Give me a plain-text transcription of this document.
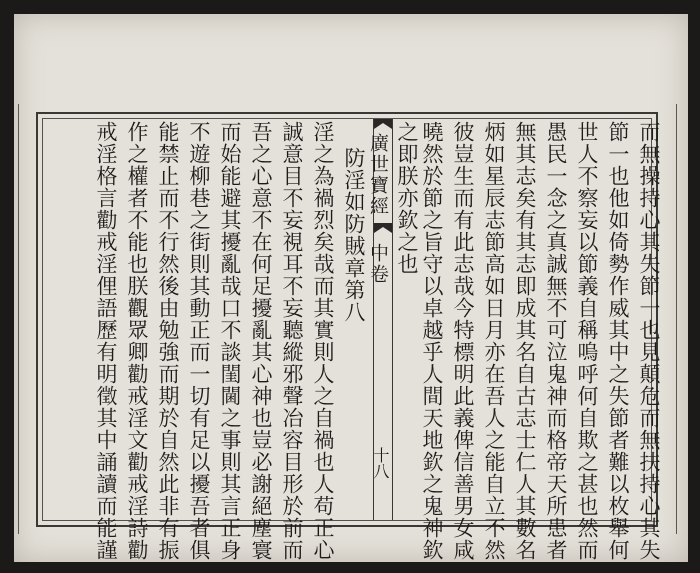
而無操持心其失節一也見顛危而無扶持心其失
節一也他如倚勢作威其中之失節者難以枚舉何
世人不察妄以節義自稱嗚呼何自欺之甚也然而
愚民一念之真誠無不可泣鬼神而格帝天所患者
無其志矣有其志即成其名自古志士仁人其數名
炳如星辰志節高如日月亦在吾人之能自立不然
彼豈生而有此志哉今特標明此義俾信善男女咸
曉然於節之旨守以卓越乎人間天地欽之鬼神欽
之即朕亦欽之也
廣世寶經
中卷
十八
防淫如防賊章第八
淫之為禍烈矣哉而其實則人之自禍也人苟正心
誠意目不妄視耳不妄聽縱邪聲冶容目形於前而
吾之心意不在何足擾亂其心神也豈必謝絕塵寰
而始能避其擾亂哉口不談閨閫之事則其言正身
不遊柳巷之街則其動正而一切有足以擾吾者俱
能禁止而不行然後由勉強而期於自然此非有振
作之權者不能也朕觀眾卿勸戒淫文勸戒淫詩勸
戒淫格言勸戒淫俚語歷有明徵其中誦讀而能謹
